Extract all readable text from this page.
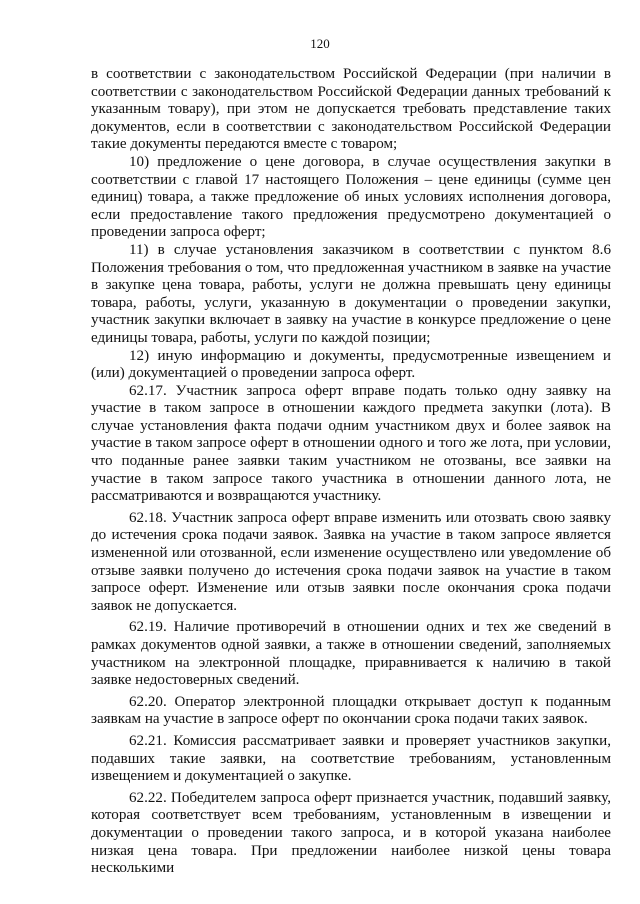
120

в соответствии с законодательством Российской Федерации (при наличии в соответствии с законодательством Российской Федерации данных требований к указанным товару), при этом не допускается требовать представление таких документов, если в соответствии с законодательством Российской Федерации такие документы передаются вместе с товаром;

10) предложение о цене договора, в случае осуществления закупки в соответствии с главой 17 настоящего Положения – цене единицы (сумме цен единиц) товара, а также предложение об иных условиях исполнения договора, если предоставление такого предложения предусмотрено документацией о проведении запроса оферт;

11) в случае установления заказчиком в соответствии с пунктом 8.6 Положения требования о том, что предложенная участником в заявке на участие в закупке цена товара, работы, услуги не должна превышать цену единицы товара, работы, услуги, указанную в документации о проведении закупки, участник закупки включает в заявку на участие в конкурсе предложение о цене единицы товара, работы, услуги по каждой позиции;

12) иную информацию и документы, предусмотренные извещением и (или) документацией о проведении запроса оферт.

62.17. Участник запроса оферт вправе подать только одну заявку на участие в таком запросе в отношении каждого предмета закупки (лота). В случае установления факта подачи одним участником двух и более заявок на участие в таком запросе оферт в отношении одного и того же лота, при условии, что поданные ранее заявки таким участником не отозваны, все заявки на участие в таком запросе такого участника в отношении данного лота, не рассматриваются и возвращаются участнику.

62.18. Участник запроса оферт вправе изменить или отозвать свою заявку до истечения срока подачи заявок. Заявка на участие в таком запросе является измененной или отозванной, если изменение осуществлено или уведомление об отзыве заявки получено до истечения срока подачи заявок на участие в таком запросе оферт. Изменение или отзыв заявки после окончания срока подачи заявок не допускается.

62.19. Наличие противоречий в отношении одних и тех же сведений в рамках документов одной заявки, а также в отношении сведений, заполняемых участником на электронной площадке, приравнивается к наличию в такой заявке недостоверных сведений.

62.20. Оператор электронной площадки открывает доступ к поданным заявкам на участие в запросе оферт по окончании срока подачи таких заявок.

62.21. Комиссия рассматривает заявки и проверяет участников закупки, подавших такие заявки, на соответствие требованиям, установленным извещением и документацией о закупке.

62.22. Победителем запроса оферт признается участник, подавший заявку, которая соответствует всем требованиям, установленным в извещении и документации о проведении такого запроса, и в которой указана наиболее низкая цена товара. При предложении наиболее низкой цены товара несколькими
